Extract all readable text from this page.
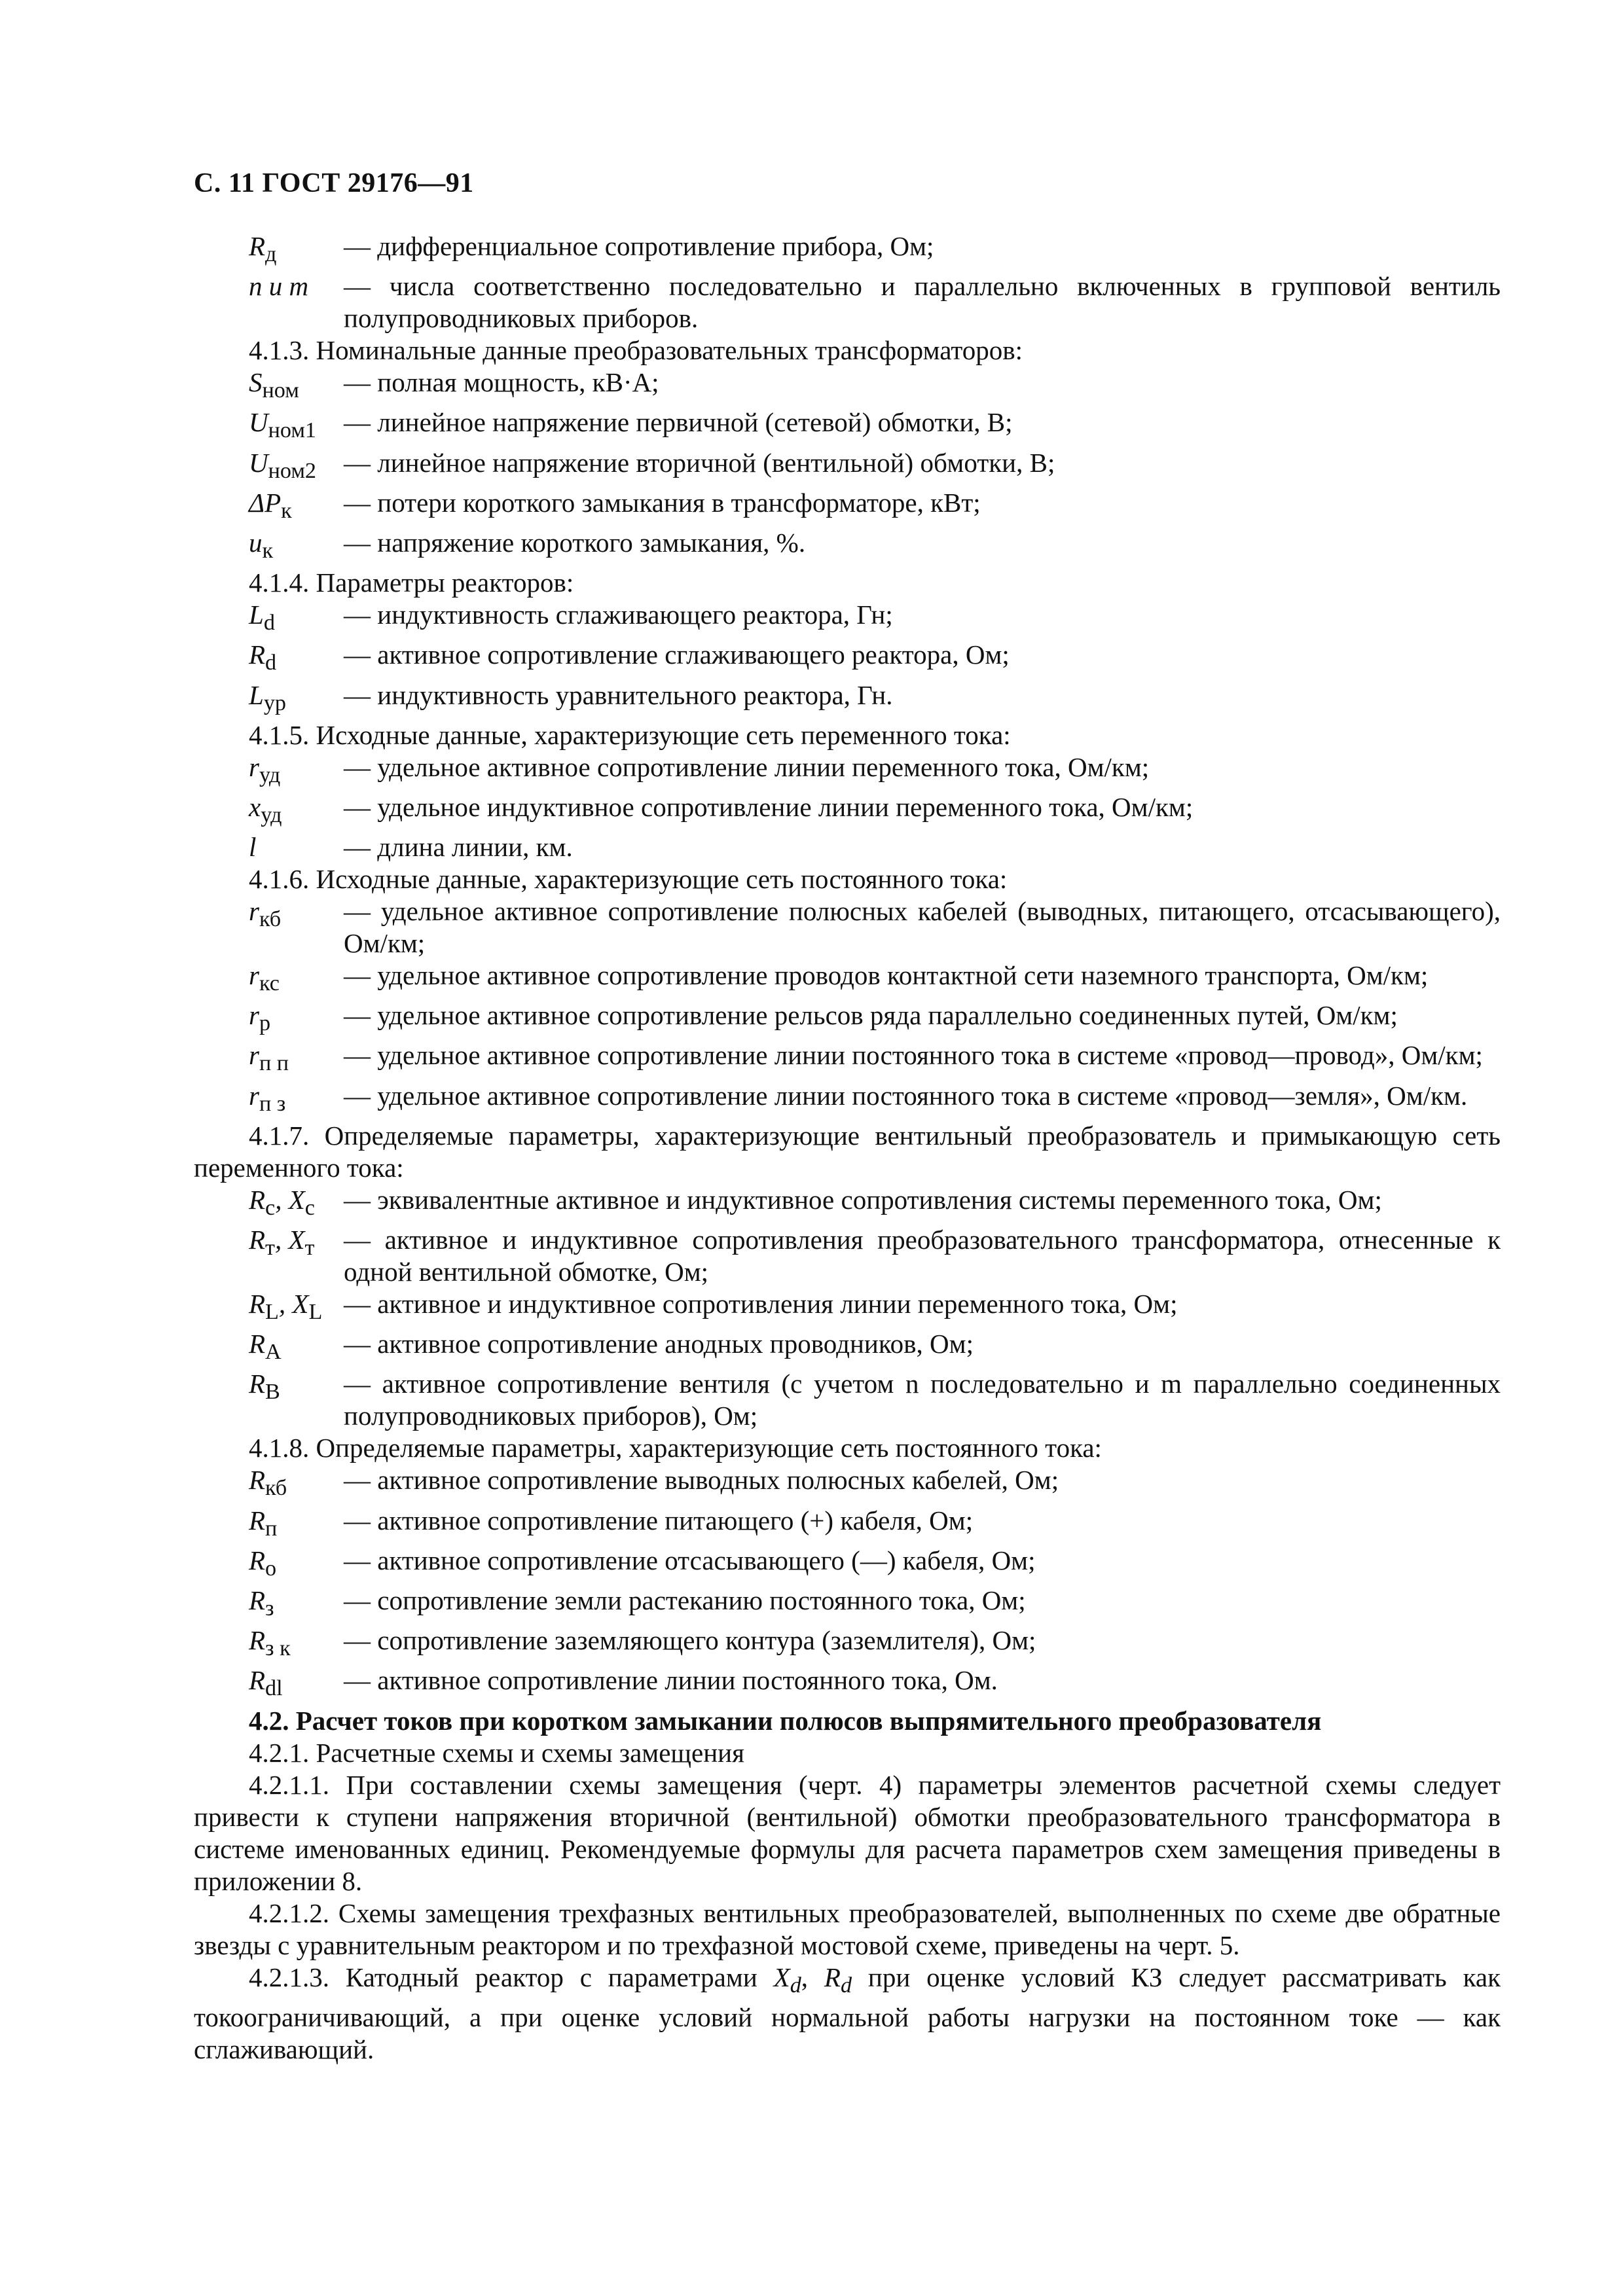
С. 11 ГОСТ 29176—91
$R_д$	— дифференциальное сопротивление прибора, Ом;
n и m	— числа соответственно последовательно и параллельно включенных в групповой вентиль полупроводниковых приборов.
4.1.3. Номинальные данные преобразовательных трансформаторов:
$S_{ном}$	— полная мощность, кВ·А;
$U_{ном1}$	— линейное напряжение первичной (сетевой) обмотки, В;
$U_{ном2}$	— линейное напряжение вторичной (вентильной) обмотки, В;
$\Delta P_к$	— потери короткого замыкания в трансформаторе, кВт;
$u_к$	— напряжение короткого замыкания, %.
4.1.4. Параметры реакторов:
$L_d$	— индуктивность сглаживающего реактора, Гн;
$R_d$	— активное сопротивление сглаживающего реактора, Ом;
$L_{ур}$	— индуктивность уравнительного реактора, Гн.
4.1.5. Исходные данные, характеризующие сеть переменного тока:
$r_{уд}$	— удельное активное сопротивление линии переменного тока, Ом/км;
$x_{уд}$	— удельное индуктивное сопротивление линии переменного тока, Ом/км;
l	— длина линии, км.
4.1.6. Исходные данные, характеризующие сеть постоянного тока:
$r_{кб}$	— удельное активное сопротивление полюсных кабелей (выводных, питающего, отсасывающего), Ом/км;
$r_{кс}$	— удельное активное сопротивление проводов контактной сети наземного транспорта, Ом/км;
$r_р$	— удельное активное сопротивление рельсов ряда параллельно соединенных путей, Ом/км;
$r_{п п}$	— удельное активное сопротивление линии постоянного тока в системе «провод—провод», Ом/км;
$r_{п з}$	— удельное активное сопротивление линии постоянного тока в системе «провод—земля», Ом/км.
4.1.7. Определяемые параметры, характеризующие вентильный преобразователь и примыкающую сеть переменного тока:
$R_с$, $X_с$	— эквивалентные активное и индуктивное сопротивления системы переменного тока, Ом;
$R_т$, $X_т$	— активное и индуктивное сопротивления преобразовательного трансформатора, отнесенные к одной вентильной обмотке, Ом;
$R_L$, $X_L$ — активное и индуктивное сопротивления линии переменного тока, Ом;
$R_А$	— активное сопротивление анодных проводников, Ом;
$R_В$	— активное сопротивление вентиля (с учетом n последовательно и m параллельно соединенных полупроводниковых приборов), Ом;
4.1.8. Определяемые параметры, характеризующие сеть постоянного тока:
$R_{кб}$	— активное сопротивление выводных полюсных кабелей, Ом;
$R_п$	— активное сопротивление питающего (+) кабеля, Ом;
$R_о$	— активное сопротивление отсасывающего (—) кабеля, Ом;
$R_з$	— сопротивление земли растеканию постоянного тока, Ом;
$R_{з к}$	— сопротивление заземляющего контура (заземлителя), Ом;
$R_{dl}$	— активное сопротивление линии постоянного тока, Ом.
4.2. Расчет токов при коротком замыкании полюсов выпрямительного преобразователя
4.2.1. Расчетные схемы и схемы замещения
4.2.1.1. При составлении схемы замещения (черт. 4) параметры элементов расчетной схемы следует привести к ступени напряжения вторичной (вентильной) обмотки преобразовательного трансформатора в системе именованных единиц. Рекомендуемые формулы для расчета параметров схем замещения приведены в приложении 8.
4.2.1.2. Схемы замещения трехфазных вентильных преобразователей, выполненных по схеме две обратные звезды с уравнительным реактором и по трехфазной мостовой схеме, приведены на черт. 5.
4.2.1.3. Катодный реактор с параметрами $X_d$, $R_d$ при оценке условий КЗ следует рассматривать как токоограничивающий, а при оценке условий нормальной работы нагрузки на постоянном токе — как сглаживающий.
